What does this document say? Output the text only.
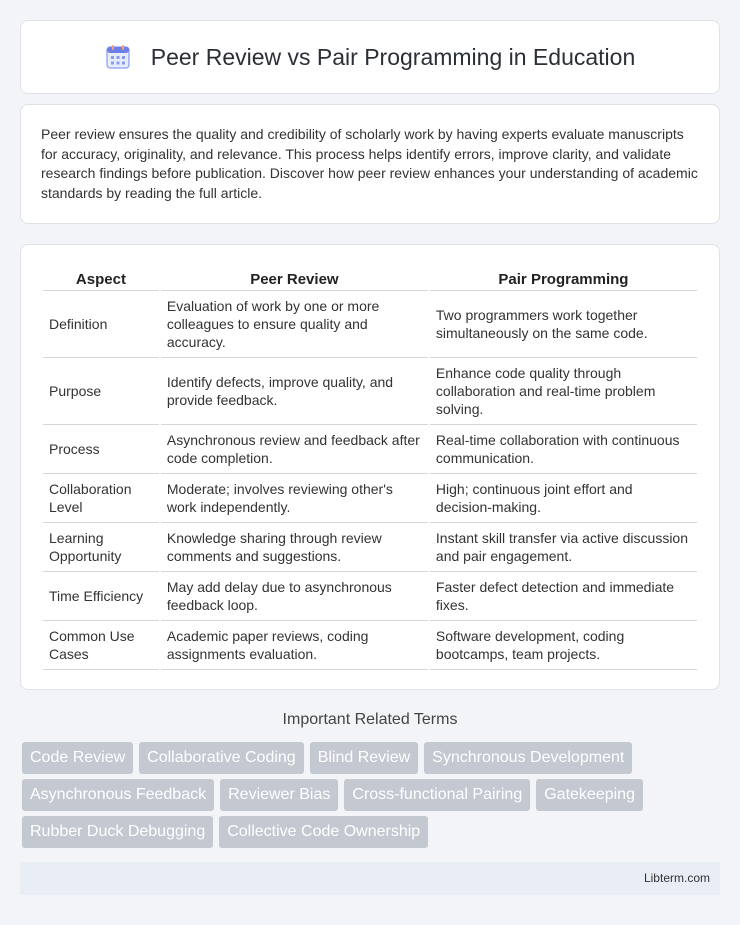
Peer Review vs Pair Programming in Education

Peer review ensures the quality and credibility of scholarly work by having experts evaluate manuscripts for accuracy, originality, and relevance. This process helps identify errors, improve clarity, and validate research findings before publication. Discover how peer review enhances your understanding of academic standards by reading the full article.

Aspect	Peer Review	Pair Programming
Definition	Evaluation of work by one or more colleagues to ensure quality and accuracy.	Two programmers work together simultaneously on the same code.
Purpose	Identify defects, improve quality, and provide feedback.	Enhance code quality through collaboration and real-time problem solving.
Process	Asynchronous review and feedback after code completion.	Real-time collaboration with continuous communication.
Collaboration Level	Moderate; involves reviewing other's work independently.	High; continuous joint effort and decision-making.
Learning Opportunity	Knowledge sharing through review comments and suggestions.	Instant skill transfer via active discussion and pair engagement.
Time Efficiency	May add delay due to asynchronous feedback loop.	Faster defect detection and immediate fixes.
Common Use Cases	Academic paper reviews, coding assignments evaluation.	Software development, coding bootcamps, team projects.
Important Related Terms
Code Review	Collaborative Coding	Blind Review	Synchronous Development
Asynchronous Feedback	Reviewer Bias	Cross-functional Pairing	Gatekeeping
Rubber Duck Debugging	Collective Code Ownership
Libterm.com
